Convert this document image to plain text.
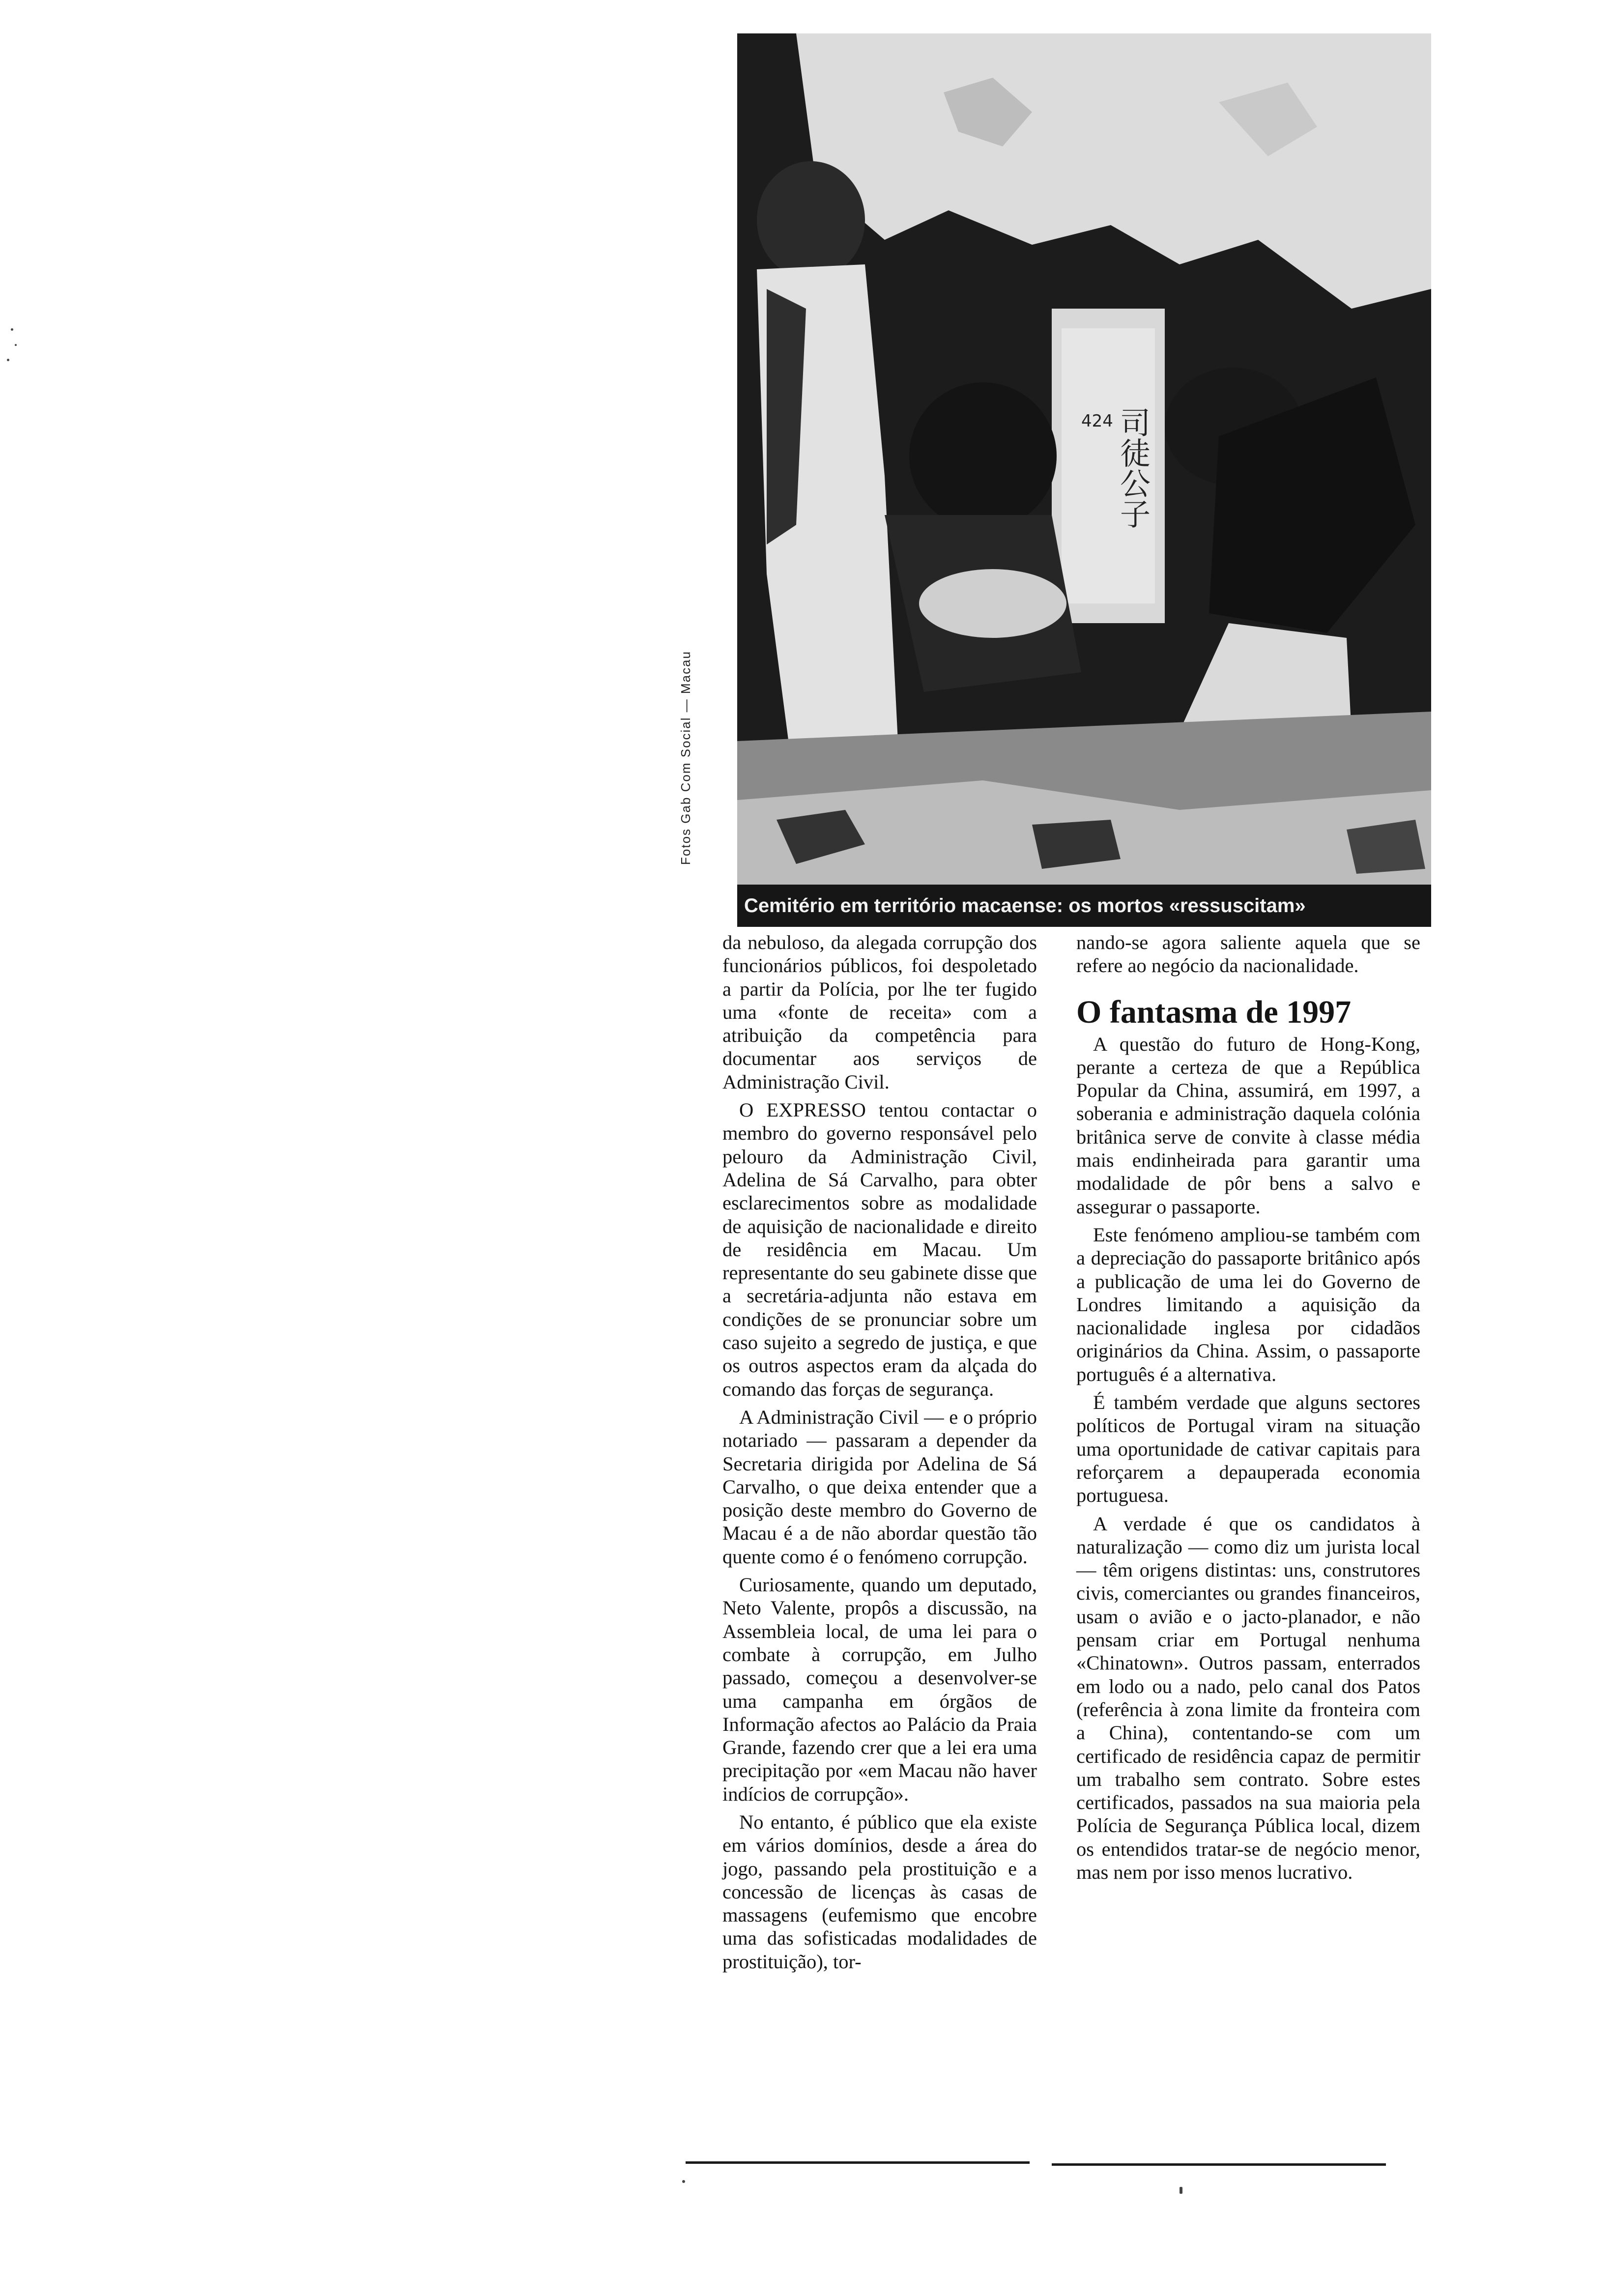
424 司徒公子
Fotos Gab Com Social — Macau
Cemitério em território macaense: os mortos «ressuscitam»

da nebuloso, da alegada corrupção dos funcionários públicos, foi despoletado a partir da Polícia, por lhe ter fugido uma «fonte de receita» com a atribuição da competência para documentar aos serviços de Administração Civil.

O EXPRESSO tentou contactar o membro do governo responsável pelo pelouro da Administração Civil, Adelina de Sá Carvalho, para obter esclarecimentos sobre as modalidade de aquisição de nacionalidade e direito de residência em Macau. Um representante do seu gabinete disse que a secretária-adjunta não estava em condições de se pronunciar sobre um caso sujeito a segredo de justiça, e que os outros aspectos eram da alçada do comando das forças de segurança.

A Administração Civil — e o próprio notariado — passaram a depender da Secretaria dirigida por Adelina de Sá Carvalho, o que deixa entender que a posição deste membro do Governo de Macau é a de não abordar questão tão quente como é o fenómeno corrupção.

Curiosamente, quando um deputado, Neto Valente, propôs a discussão, na Assembleia local, de uma lei para o combate à corrupção, em Julho passado, começou a desenvolver-se uma campanha em órgãos de Informação afectos ao Palácio da Praia Grande, fazendo crer que a lei era uma precipitação por «em Macau não haver indícios de corrupção».

No entanto, é público que ela existe em vários domínios, desde a área do jogo, passando pela prostituição e a concessão de licenças às casas de massagens (eufemismo que encobre uma das sofisticadas modalidades de prostituição), tor-

nando-se agora saliente aquela que se refere ao negócio da nacionalidade.

O fantasma de 1997

A questão do futuro de Hong-Kong, perante a certeza de que a República Popular da China, assumirá, em 1997, a soberania e administração daquela colónia britânica serve de convite à classe média mais endinheirada para garantir uma modalidade de pôr bens a salvo e assegurar o passaporte.

Este fenómeno ampliou-se também com a depreciação do passaporte britânico após a publicação de uma lei do Governo de Londres limitando a aquisição da nacionalidade inglesa por cidadãos originários da China. Assim, o passaporte português é a alternativa.

É também verdade que alguns sectores políticos de Portugal viram na situação uma oportunidade de cativar capitais para reforçarem a depauperada economia portuguesa.

A verdade é que os candidatos à naturalização — como diz um jurista local — têm origens distintas: uns, construtores civis, comerciantes ou grandes financeiros, usam o avião e o jacto-planador, e não pensam criar em Portugal nenhuma «Chinatown». Outros passam, enterrados em lodo ou a nado, pelo canal dos Patos (referência à zona limite da fronteira com a China), contentando-se com um certificado de residência capaz de permitir um trabalho sem contrato. Sobre estes certificados, passados na sua maioria pela Polícia de Segurança Pública local, dizem os entendidos tratar-se de negócio menor, mas nem por isso menos lucrativo.
